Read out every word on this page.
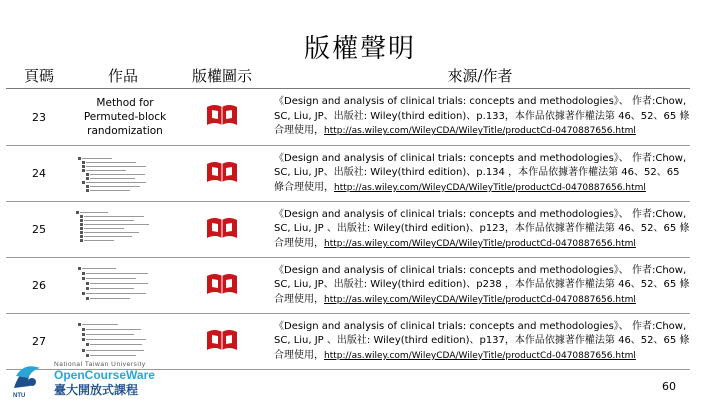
版權聲明
頁碼	作品	版權圖示	來源/作者
23	Method for Permuted-block randomization		《Design and analysis of clinical trials: concepts and methodologies》、 作者:Chow, SC, Liu, JP、出版社: Wiley(third edition)、p.133，本作品依據著作權法第 46、52、65 條合理使用，http://as.wiley.com/WileyCDA/WileyTitle/productCd-0470887656.html
24			《Design and analysis of clinical trials: concepts and methodologies》、 作者:Chow, SC, Liu, JP、出版社: Wiley(third edition)、p.134 ，本作品依據著作權法第 46、52、65 條合理使用，http://as.wiley.com/WileyCDA/WileyTitle/productCd-0470887656.html
25			《Design and analysis of clinical trials: concepts and methodologies》、 作者:Chow, SC, Liu, JP 、出版社: Wiley(third edition)、p123，本作品依據著作權法第 46、52、65 條合理使用，http://as.wiley.com/WileyCDA/WileyTitle/productCd-0470887656.html
26			《Design and analysis of clinical trials: concepts and methodologies》、 作者:Chow, SC, Liu, JP、出版社: Wiley(third edition)、p238 ，本作品依據著作權法第 46、52、65 條合理使用，http://as.wiley.com/WileyCDA/WileyTitle/productCd-0470887656.html
27			《Design and analysis of clinical trials: concepts and methodologies》、 作者:Chow, SC, Liu, JP 、出版社: Wiley(third edition)、p137，本作品依據著作權法第 46、52、65 條合理使用，http://as.wiley.com/WileyCDA/WileyTitle/productCd-0470887656.html
NTU
National Taiwan University
OpenCourseWare
臺大開放式課程	60
